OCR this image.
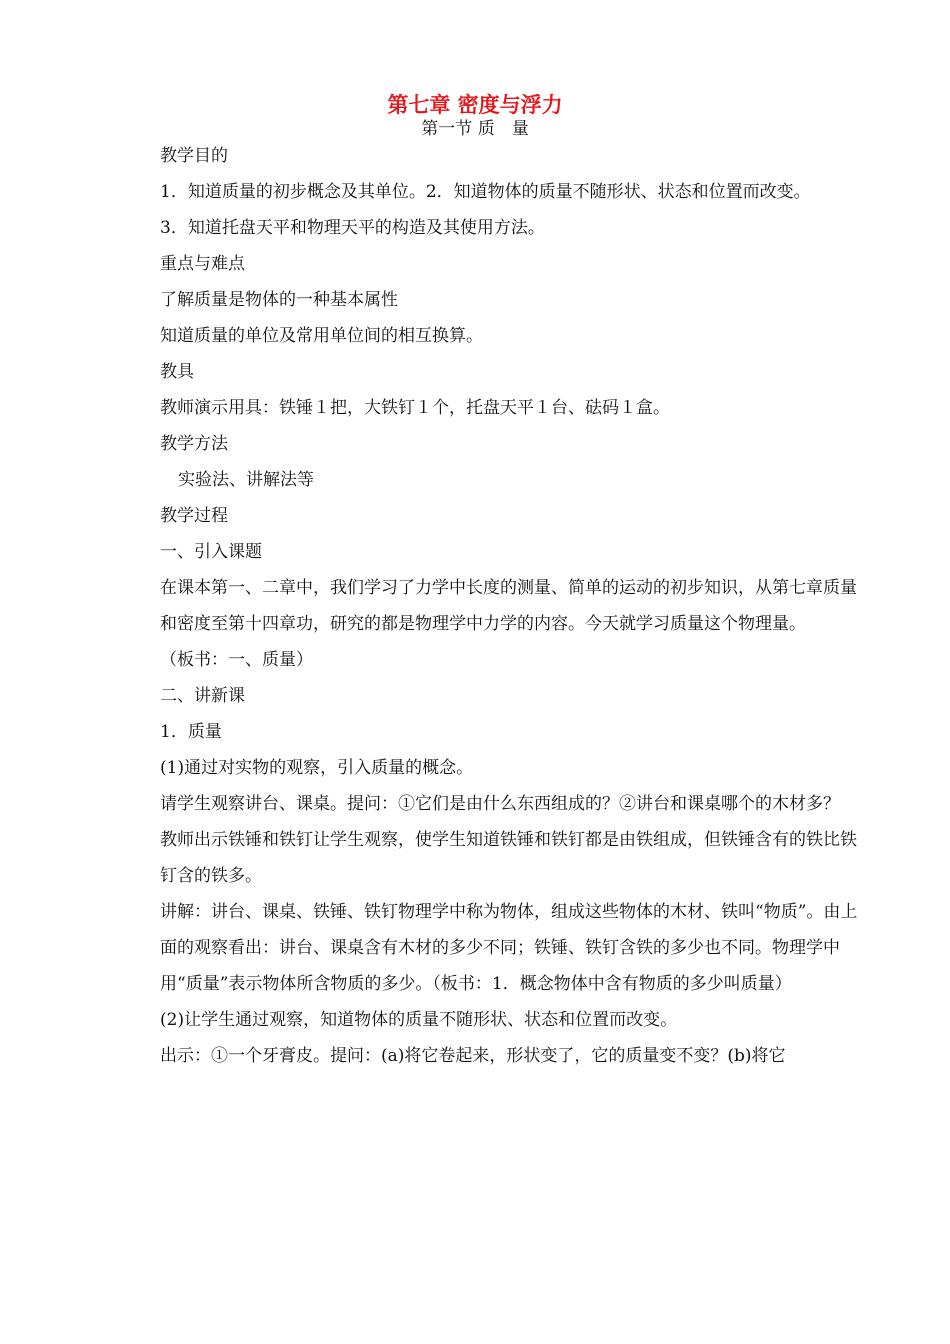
第七章 密度与浮力
第一节 质　量

教学目的

1．知道质量的初步概念及其单位。2．知道物体的质量不随形状、状态和位置而改变。

3．知道托盘天平和物理天平的构造及其使用方法。

重点与难点

了解质量是物体的一种基本属性

知道质量的单位及常用单位间的相互换算。

教具

教师演示用具：铁锤１把，大铁钉１个，托盘天平１台、砝码１盒。

教学方法

实验法、讲解法等

教学过程

一、引入课题

在课本第一、二章中，我们学习了力学中长度的测量、简单的运动的初步知识，从第七章质量和密度至第十四章功，研究的都是物理学中力学的内容。今天就学习质量这个物理量。

（板书：一、质量）

二、讲新课

1．质量

(1)通过对实物的观察，引入质量的概念。

请学生观察讲台、课桌。提问：①它们是由什么东西组成的？②讲台和课桌哪个的木材多？

教师出示铁锤和铁钉让学生观察，使学生知道铁锤和铁钉都是由铁组成，但铁锤含有的铁比铁钉含的铁多。

讲解：讲台、课桌、铁锤、铁钉物理学中称为物体，组成这些物体的木材、铁叫“物质”。由上面的观察看出：讲台、课桌含有木材的多少不同；铁锤、铁钉含铁的多少也不同。物理学中用“质量”表示物体所含物质的多少。（板书：1．概念物体中含有物质的多少叫质量）

(2)让学生通过观察，知道物体的质量不随形状、状态和位置而改变。

出示：①一个牙膏皮。提问：(a)将它卷起来，形状变了，它的质量变不变？(b)将它
